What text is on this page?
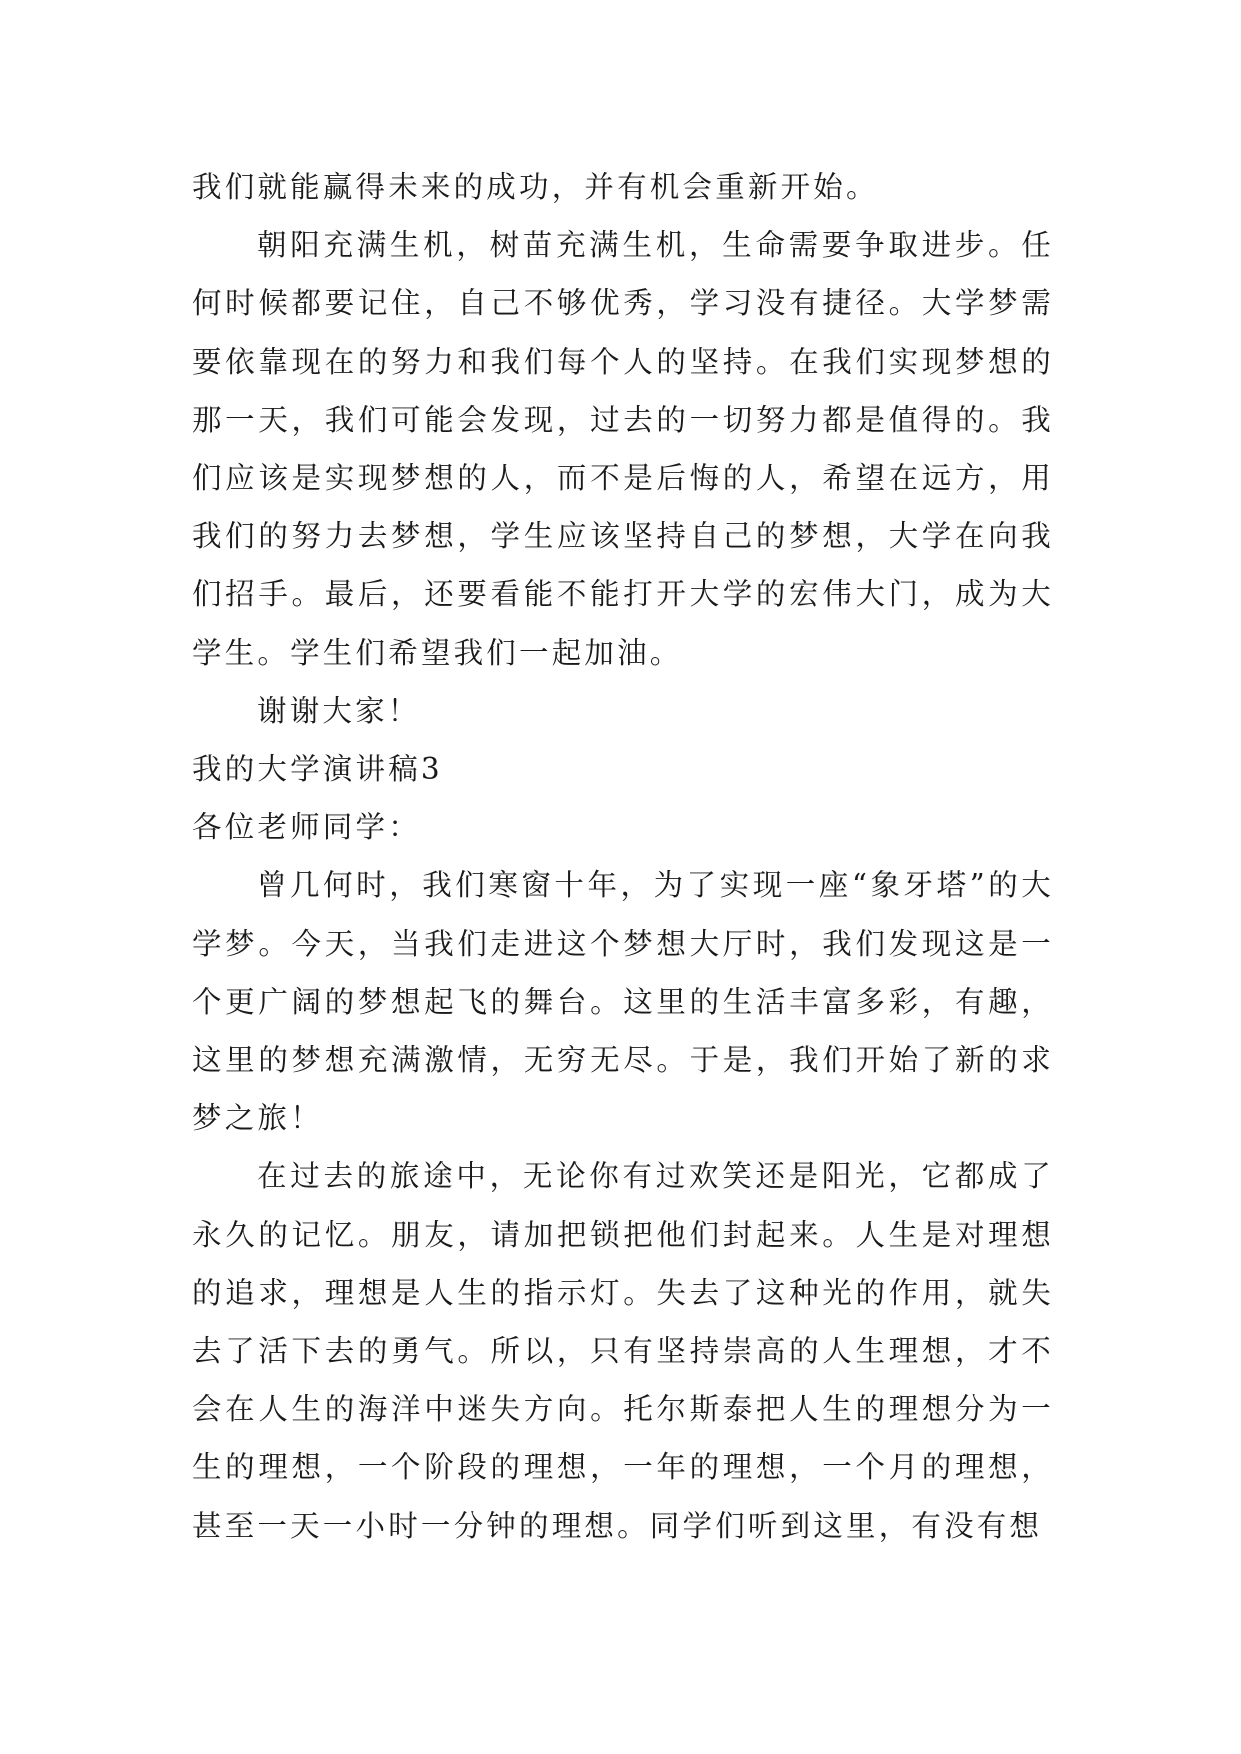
我们就能赢得未来的成功，并有机会重新开始。

朝阳充满生机，树苗充满生机，生命需要争取进步。任何时候都要记住，自己不够优秀，学习没有捷径。大学梦需要依靠现在的努力和我们每个人的坚持。在我们实现梦想的那一天，我们可能会发现，过去的一切努力都是值得的。我们应该是实现梦想的人，而不是后悔的人，希望在远方，用我们的努力去梦想，学生应该坚持自己的梦想，大学在向我们招手。最后，还要看能不能打开大学的宏伟大门，成为大学生。学生们希望我们一起加油。

谢谢大家！

我的大学演讲稿3

各位老师同学：

曾几何时，我们寒窗十年，为了实现一座“象牙塔”的大学梦。今天，当我们走进这个梦想大厅时，我们发现这是一个更广阔的梦想起飞的舞台。这里的生活丰富多彩，有趣，这里的梦想充满激情，无穷无尽。于是，我们开始了新的求梦之旅！

在过去的旅途中，无论你有过欢笑还是阳光，它都成了永久的记忆。朋友，请加把锁把他们封起来。人生是对理想的追求，理想是人生的指示灯。失去了这种光的作用，就失去了活下去的勇气。所以，只有坚持崇高的人生理想，才不会在人生的海洋中迷失方向。托尔斯泰把人生的理想分为一生的理想，一个阶段的理想，一年的理想，一个月的理想，甚至一天一小时一分钟的理想。同学们听到这里，有没有想
